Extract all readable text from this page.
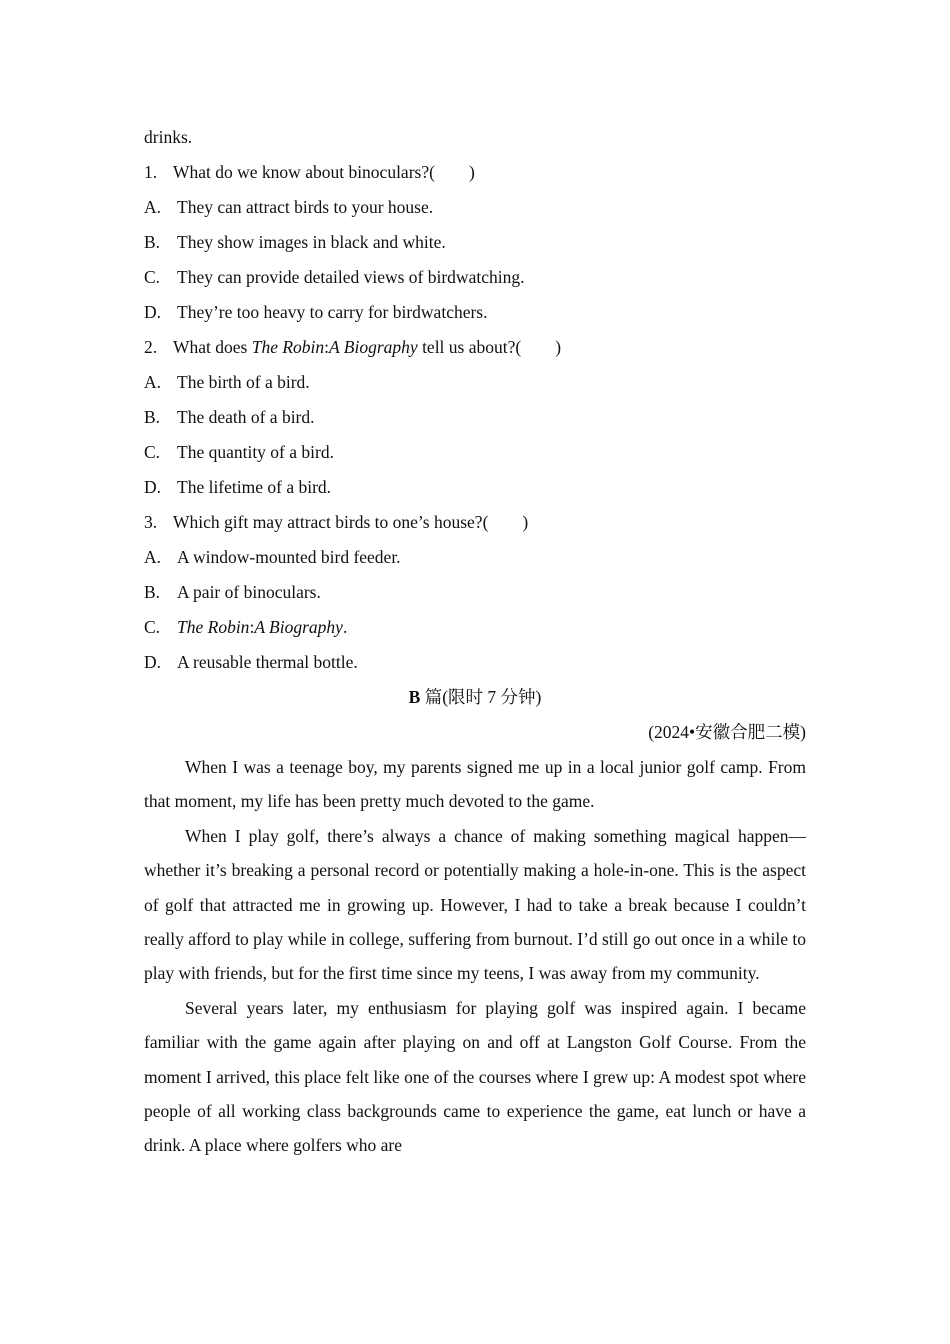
drinks.
1. What do we know about binoculars?( )
A. They can attract birds to your house.
B. They show images in black and white.
C. They can provide detailed views of birdwatching.
D. They’re too heavy to carry for birdwatchers.
2. What does The Robin:A Biography tell us about?( )
A. The birth of a bird.
B. The death of a bird.
C. The quantity of a bird.
D. The lifetime of a bird.
3. Which gift may attract birds to one’s house?( )
A. A window-mounted bird feeder.
B. A pair of binoculars.
C. The Robin:A Biography.
D. A reusable thermal bottle.
B 篇(限时 7 分钟)
(2024•安徽合肥二模)

When I was a teenage boy, my parents signed me up in a local junior golf camp. From that moment, my life has been pretty much devoted to the game.

When I play golf, there’s always a chance of making something magical happen—whether it’s breaking a personal record or potentially making a hole-in-one. This is the aspect of golf that attracted me in growing up. However, I had to take a break because I couldn’t really afford to play while in college, suffering from burnout. I’d still go out once in a while to play with friends, but for the first time since my teens, I was away from my community.

Several years later, my enthusiasm for playing golf was inspired again. I became familiar with the game again after playing on and off at Langston Golf Course. From the moment I arrived, this place felt like one of the courses where I grew up: A modest spot where people of all working class backgrounds came to experience the game, eat lunch or have a drink. A place where golfers who are
